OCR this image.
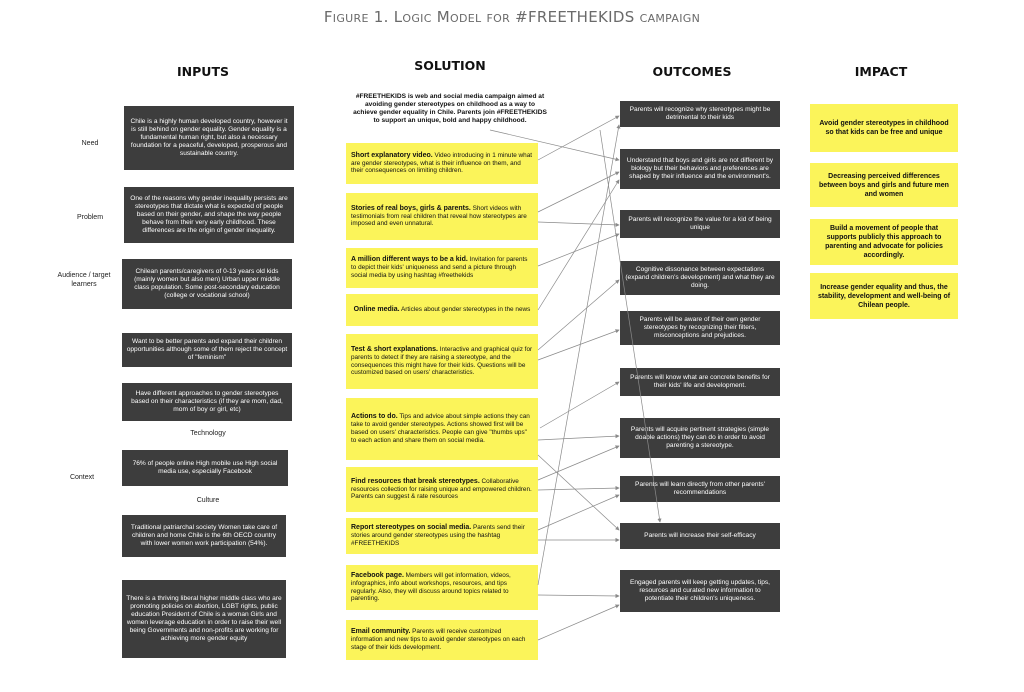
Figure 1. Logic Model for #FREETHEKIDS campaign
INPUTS	SOLUTION	OUTCOMES	IMPACT
Need
Problem
Audience / target learners
Context
Technology
Culture
Chile is a highly human developed country, however it is still behind on gender equality. Gender equality is a fundamental human right, but also a necessary foundation for a peaceful, developed, prosperous and sustainable country.
One of the reasons why gender inequality persists are stereotypes that dictate what is expected of people based on their gender, and shape the way people behave from their very early childhood. These differences are the origin of gender inequality.
Chilean parents/caregivers of 0-13 years old kids (mainly women but also men) Urban upper middle class population. Some post-secondary education (college or vocational school)
Want to be better parents and expand their children opportunities although some of them reject the concept of "feminism"
Have different approaches to gender stereotypes based on their characteristics (if they are mom, dad, mom of boy or girl, etc)
76% of people online High mobile use High social media use, especially Facebook
Traditional patriarchal society Women take care of children and home Chile is the 6th OECD country with lower women work participation (54%).
There is a thriving liberal higher middle class who are promoting policies on abortion, LGBT rights, public education President of Chile is a woman Girls and women leverage education in order to raise their well being Governments and non-profits are working for achieving more gender equity
#FREETHEKIDS is web and social media campaign aimed at avoiding gender stereotypes on childhood as a way to achieve gender equality in Chile. Parents join #FREETHEKIDS to support an unique, bold and happy childhood.
Short explanatory video. Video introducing in 1 minute what are gender stereotypes, what is their influence on them, and their consequences on limiting children.
Stories of real boys, girls & parents. Short videos with testimonials from real children that reveal how stereotypes are imposed and even unnatural.
A million different ways to be a kid. Invitation for parents to depict their kids' uniqueness and send a picture through social media by using hashtag #freethekids
Online media. Articles about gender stereotypes in the news
Test & short explanations. Interactive and graphical quiz for parents to detect if they are raising a stereotype, and the consequences this might have for their kids. Questions will be customized based on users' characteristics.
Actions to do. Tips and advice about simple actions they can take to avoid gender stereotypes. Actions showed first will be based on users' characteristics. People can give "thumbs ups" to each action and share them on social media.
Find resources that break stereotypes. Collaborative resources collection for raising unique and empowered children. Parents can suggest & rate resources
Report stereotypes on social media. Parents send their stories around gender stereotypes using the hashtag #FREETHEKIDS
Facebook page. Members will get information, videos, infographics, info about workshops, resources, and tips regularly. Also, they will discuss around topics related to parenting.
Email community. Parents will receive customized information and new tips to avoid gender stereotypes on each stage of their kids development.
Parents will recognize why stereotypes might be detrimental to their kids
Understand that boys and girls are not different by biology but their behaviors and preferences are shaped by their influence and the environment's.
Parents will recognize the value for a kid of being unique
Cognitive dissonance between expectations (expand children's development) and what they are doing.
Parents will be aware of their own gender stereotypes by recognizing their filters, misconceptions and prejudices.
Parents will know what are concrete benefits for their kids' life and development.
Parents will acquire pertinent strategies (simple doable actions) they can do in order to avoid parenting a stereotype.
Parents will learn directly from other parents' recommendations
Parents will increase their self-efficacy
Engaged parents will keep getting updates, tips, resources and curated new information to potentiate their children's uniqueness.
Avoid gender stereotypes in childhood so that kids can be free and unique
Decreasing perceived differences between boys and girls and future men and women
Build a movement of people that supports publicly this approach to parenting and advocate for policies accordingly.
Increase gender equality and thus, the stability, development and well-being of Chilean people.
